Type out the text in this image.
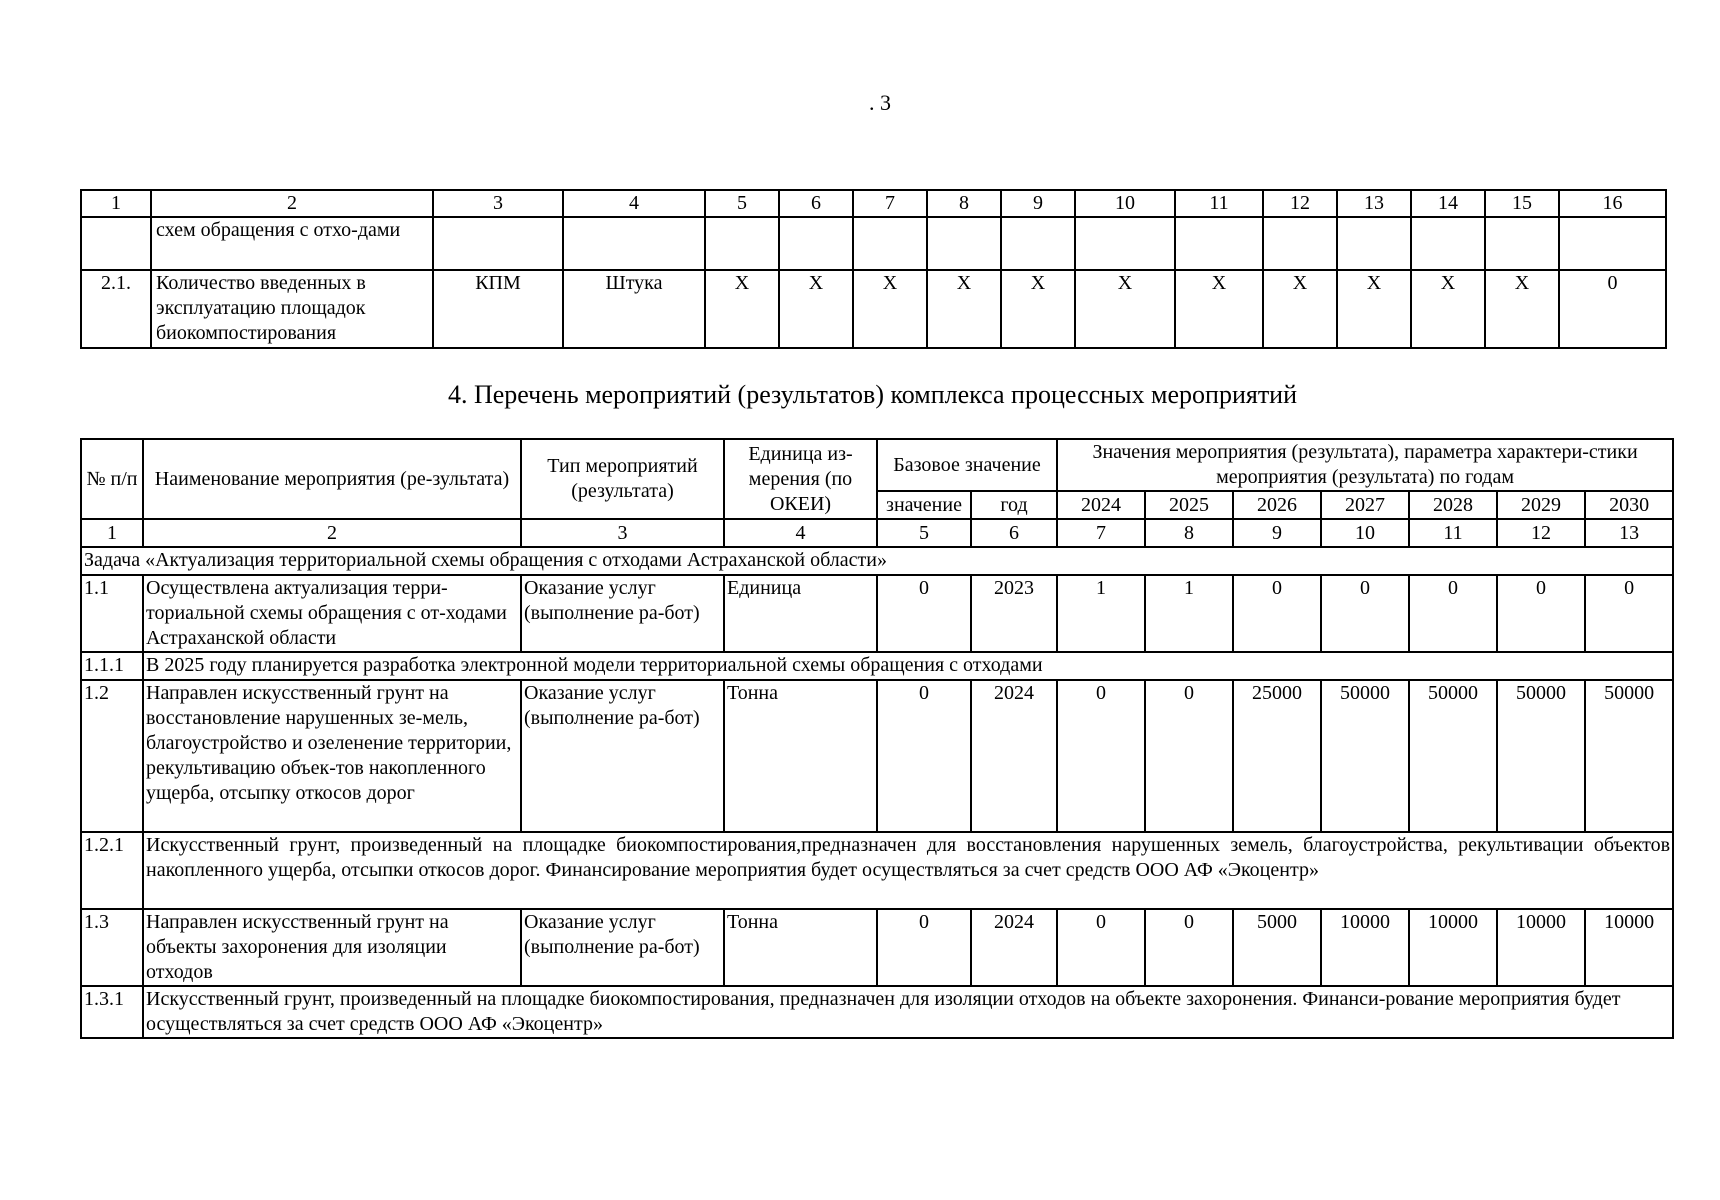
. 3
1	2	3	4	5	6	7	8	9	10	11	12	13	14	15	16
	схем обращения с отхо-дами														
2.1.	Количество введенных в эксплуатацию площадок биокомпостирования	КПМ	Штука	X	X	X	X	X	X	X	X	X	X	X	0
4. Перечень мероприятий (результатов) комплекса процессных мероприятий
№ п/п	Наименование мероприятия (ре-зультата)	Тип мероприятий (результата)	Единица из-мерения (по ОКЕИ)	Базовое значение		Значения мероприятия (результата), параметра характери-стики мероприятия (результата) по годам						
				значение	год	2024	2025	2026	2027	2028	2029	2030
1	2	3	4	5	6	7	8	9	10	11	12	13
Задача «Актуализация территориальной схемы обращения с отходами Астраханской области»												
1.1	Осуществлена актуализация терри-ториальной схемы обращения с от-ходами Астраханской области	Оказание услуг (выполнение ра-бот)	Единица	0	2023	1	1	0	0	0	0	0
1.1.1	В 2025 году планируется разработка электронной модели территориальной схемы обращения с отходами											
1.2	Направлен искусственный грунт на восстановление нарушенных зе-мель, благоустройство и озеленение территории, рекультивацию объек-тов накопленного ущерба, отсыпку откосов дорог	Оказание услуг (выполнение ра-бот)	Тонна	0	2024	0	0	25000	50000	50000	50000	50000
1.2.1	Искусственный грунт, произведенный на площадке биокомпостирования,предназначен для восстановления нарушенных земель, благоустройства, рекультивации объектов накопленного ущерба, отсыпки откосов дорог. Финансирование мероприятия будет осуществляться за счет средств ООО АФ «Экоцентр»											
1.3	Направлен искусственный грунт на объекты захоронения для изоляции отходов	Оказание услуг (выполнение ра-бот)	Тонна	0	2024	0	0	5000	10000	10000	10000	10000
1.3.1	Искусственный грунт, произведенный на площадке биокомпостирования, предназначен для изоляции отходов на объекте захоронения. Финанси-рование мероприятия будет осуществляться за счет средств ООО АФ «Экоцентр»											
